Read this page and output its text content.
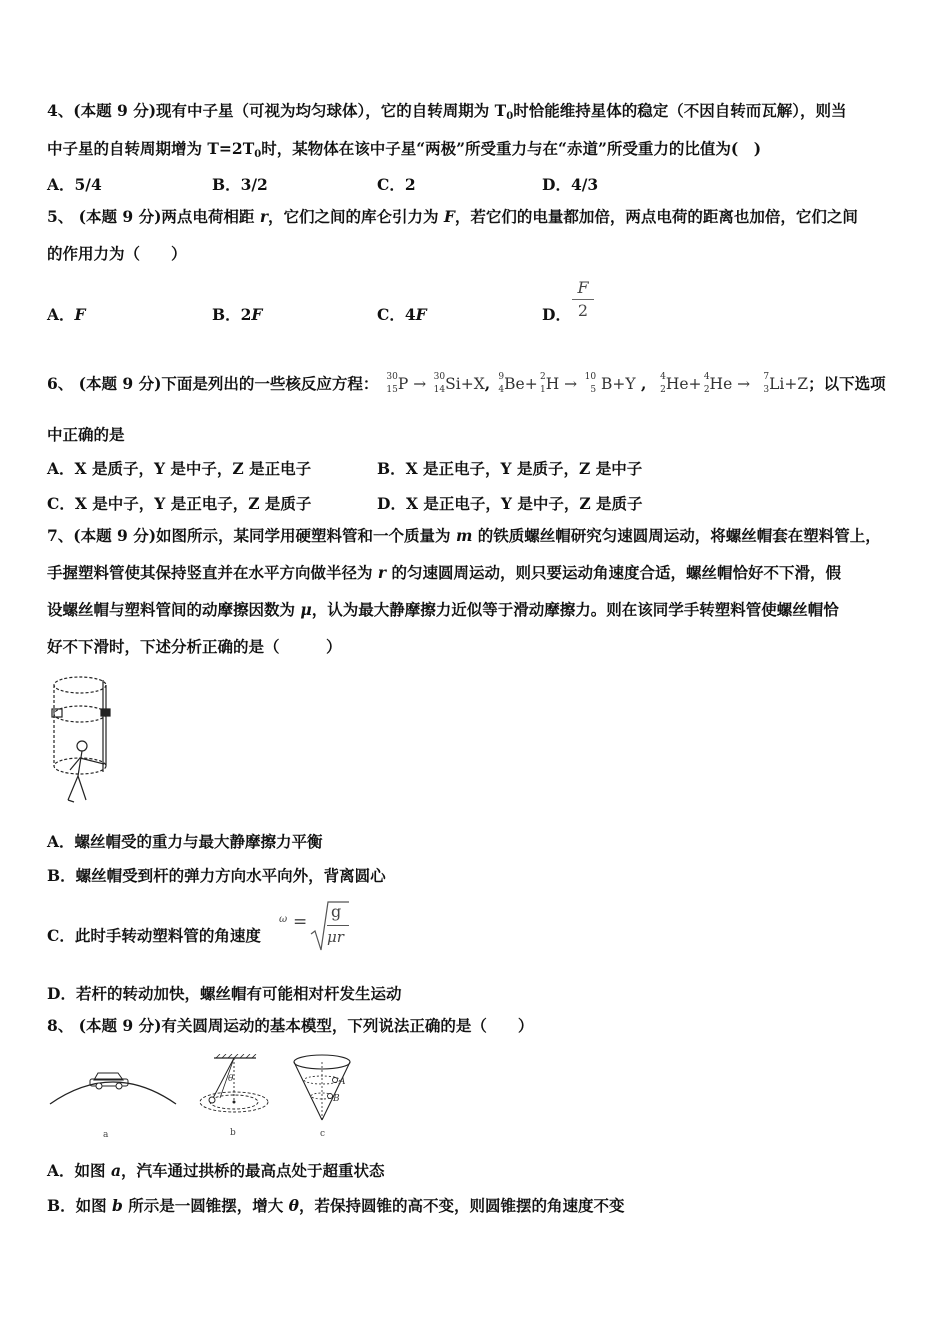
4、(本题 9 分)现有中子星（可视为均匀球体），它的自转周期为 $T_0$时恰能维持星体的稳定（不因自转而瓦解），则当
中子星的自转周期增为 $T=2T_0$时，某物体在该中子星“两极”所受重力与在“赤道”所受重力的比值为(　)
A．5/4	B．3/2	C．2	D．4/3
5、 (本题 9 分)两点电荷相距 r，它们之间的库仑引力为 F，若它们的电量都加倍，两点电荷的距离也加倍，它们之间
的作用力为（　　）
A．F	B．2F	C．4F	D．
F
2
6、 (本题 9 分)下面是列出的一些核反应方程： 30
15 P → 30
14 Si+X, 9
4 Be+ 2
1 H → 10
5 B+Y , 4
2 He+ 4
2 He → 7
3 Li+Z；以下选项
中正确的是
A．X 是质子，Y 是中子，Z 是正电子	B．X 是正电子，Y 是质子，Z 是中子
C．X 是中子，Y 是正电子，Z 是质子	D．X 是正电子，Y 是中子，Z 是质子
7、(本题 9 分)如图所示，某同学用硬塑料管和一个质量为 m 的铁质螺丝帽研究匀速圆周运动，将螺丝帽套在塑料管上，
手握塑料管使其保持竖直并在水平方向做半径为 r 的匀速圆周运动，则只要运动角速度合适，螺丝帽恰好不下滑，假
设螺丝帽与塑料管间的动摩擦因数为 μ，认为最大静摩擦力近似等于滑动摩擦力。则在该同学手转塑料管使螺丝帽恰
好不下滑时，下述分析正确的是（　　　）
A．螺丝帽受的重力与最大静摩擦力平衡
B．螺丝帽受到杆的弹力方向水平向外，背离圆心
C．此时手转动塑料管的角速度
ω =
g
μr
D．若杆的转动加快，螺丝帽有可能相对杆发生运动
8、 (本题 9 分)有关圆周运动的基本模型，下列说法正确的是（　　）
a
θ
b
A
B
c
A．如图 a，汽车通过拱桥的最高点处于超重状态
B．如图 b 所示是一圆锥摆，增大 θ，若保持圆锥的高不变，则圆锥摆的角速度不变
